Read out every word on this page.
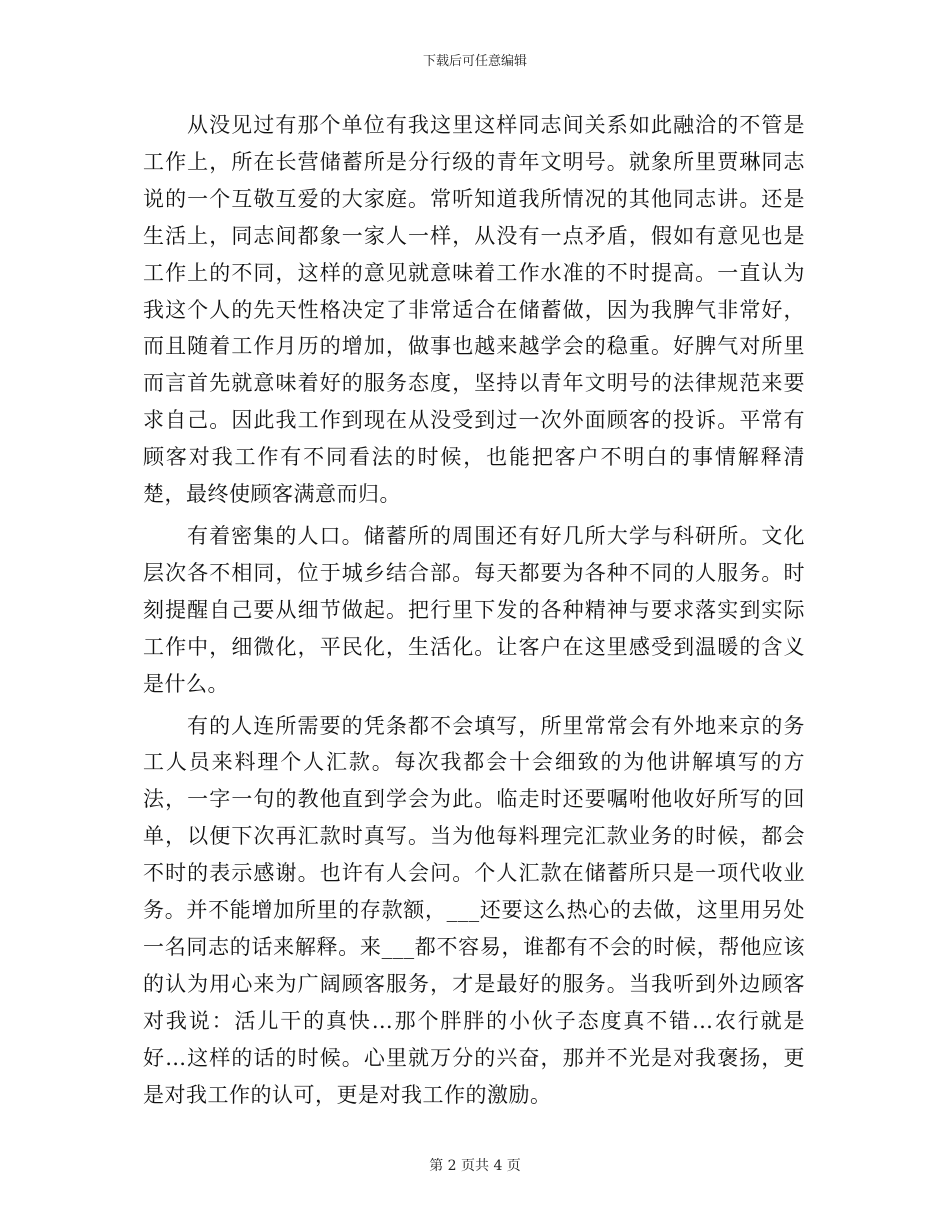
下载后可任意编辑

从没见过有那个单位有我这里这样同志间关系如此融洽的不管是工作上，所在长营储蓄所是分行级的青年文明号。就象所里贾琳同志说的一个互敬互爱的大家庭。常听知道我所情况的其他同志讲。还是生活上，同志间都象一家人一样，从没有一点矛盾，假如有意见也是工作上的不同，这样的意见就意味着工作水准的不时提高。一直认为我这个人的先天性格决定了非常适合在储蓄做，因为我脾气非常好，而且随着工作月历的增加，做事也越来越学会的稳重。好脾气对所里而言首先就意味着好的服务态度，坚持以青年文明号的法律规范来要求自己。因此我工作到现在从没受到过一次外面顾客的投诉。平常有顾客对我工作有不同看法的时候，也能把客户不明白的事情解释清楚，最终使顾客满意而归。

有着密集的人口。储蓄所的周围还有好几所大学与科研所。文化层次各不相同，位于城乡结合部。每天都要为各种不同的人服务。时刻提醒自己要从细节做起。把行里下发的各种精神与要求落实到实际工作中，细微化，平民化，生活化。让客户在这里感受到温暖的含义是什么。

有的人连所需要的凭条都不会填写，所里常常会有外地来京的务工人员来料理个人汇款。每次我都会十会细致的为他讲解填写的方法，一字一句的教他直到学会为此。临走时还要嘱咐他收好所写的回单，以便下次再汇款时真写。当为他每料理完汇款业务的时候，都会不时的表示感谢。也许有人会问。个人汇款在储蓄所只是一项代收业务。并不能增加所里的存款额，___还要这么热心的去做，这里用另处一名同志的话来解释。来___都不容易，谁都有不会的时候，帮他应该的认为用心来为广阔顾客服务，才是最好的服务。当我听到外边顾客对我说：活儿干的真快…那个胖胖的小伙子态度真不错…农行就是好…这样的话的时候。心里就万分的兴奋，那并不光是对我褒扬，更是对我工作的认可，更是对我工作的激励。

第 2 页共 4 页
